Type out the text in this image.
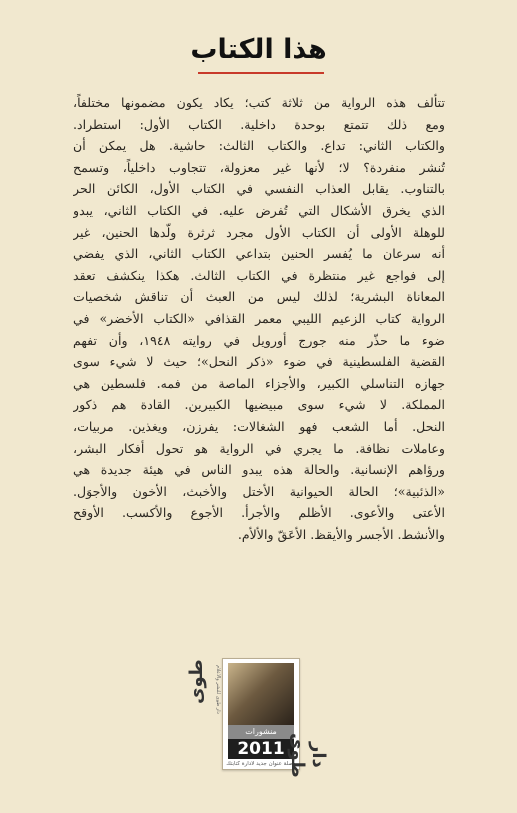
هذا الكتاب
تتألف هذه الرواية من ثلاثة كتب؛ يكاد يكون مضمونها مختلفاً،
ومع ذلك تتمتع بوحدة داخلية. الكتاب الأول: استطراد.
والكتاب الثاني: تداع. والكتاب الثالث: حاشية. هل يمكن أن
تُنشر منفردة؟ لا؛ لأنها غير معزولة، تتجاوب داخلياً، وتسمح
بالتناوب. يقابل العذاب النفسي في الكتاب الأول، الكائن الحر
الذي يخرق الأشكال التي تُفرض عليه. في الكتاب الثاني، يبدو
للوهلة الأولى أن الكتاب الأول مجرد ثرثرة ولّدها الحنين، غير
أنه سرعان ما يُفسر الحنين بتداعي الكتاب الثاني، الذي يفضي
إلى فواجع غير منتظرة في الكتاب الثالث. هكذا ينكشف تعقد
المعاناة البشرية؛ لذلك ليس من العبث أن تناقش شخصيات
الرواية كتاب الزعيم الليبي معمر القذافي «الكتاب الأخضر» في
ضوء ما حذّر منه جورج أورويل في روايته ١٩٤٨، وأن تفهم
القضية الفلسطينية في ضوء «ذكر النحل»؛ حيث لا شيء سوى
جهازه التناسلي الكبير، والأجزاء الماصة من فمه. فلسطين هي
المملكة. لا شيء سوى مبيضيها الكبيرين. القادة هم ذكور
النحل. أما الشعب فهو الشغالات: يفرزن، ويغذين. مربيات،
وعاملات نظافة. ما يجري في الرواية هو تحول أفكار البشر،
ورؤاهم الإنسانية. والحالة هذه يبدو الناس في هيئة جديدة هي
«الذئبية»؛ الحالة الحيوانية الأختل والأخبث، الأخون والأجوَل.
الأعتى والأعوى. الأظلم والأجرأ. الأجوع والأكسب. الأوقح
والأنشط. الأجسر والأيقظ. الأعَقّ والألأم.
طوى	دار طوى للنشر والاعلام
منشورات
2011
وصلة عنوان جديد لادارة كتابتك دار طوى
